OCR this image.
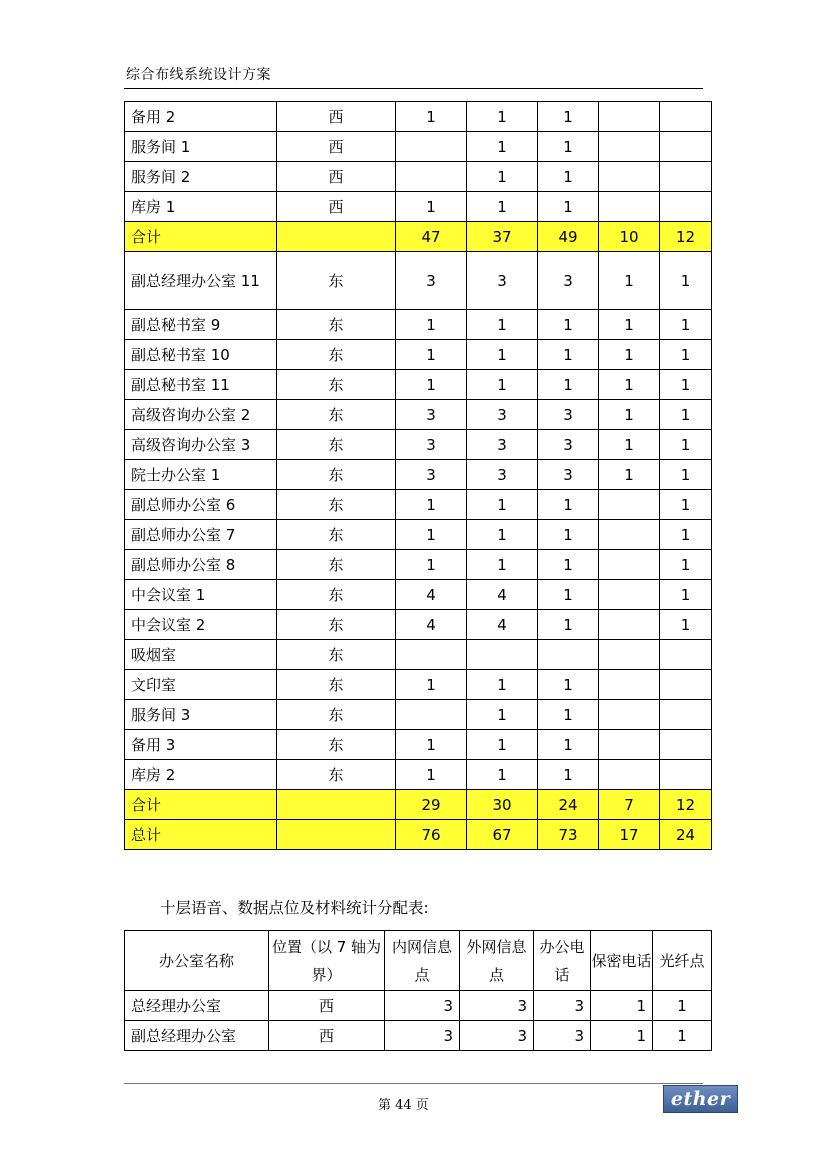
综合布线系统设计方案
备用 2	西	1	1	1		
服务间 1	西		1	1		
服务间 2	西		1	1		
库房 1	西	1	1	1		
合计		47	37	49	10	12
副总经理办公室 11	东	3	3	3	1	1
副总秘书室 9	东	1	1	1	1	1
副总秘书室 10	东	1	1	1	1	1
副总秘书室 11	东	1	1	1	1	1
高级咨询办公室 2	东	3	3	3	1	1
高级咨询办公室 3	东	3	3	3	1	1
院士办公室 1	东	3	3	3	1	1
副总师办公室 6	东	1	1	1		1
副总师办公室 7	东	1	1	1		1
副总师办公室 8	东	1	1	1		1
中会议室 1	东	4	4	1		1
中会议室 2	东	4	4	1		1
吸烟室	东					
文印室	东	1	1	1		
服务间 3	东		1	1		
备用 3	东	1	1	1		
库房 2	东	1	1	1		
合计		29	30	24	7	12
总计		76	67	73	17	24
十层语音、数据点位及材料统计分配表:
办公室名称	位置（以 7 轴为界）	内网信息点	外网信息点	办公电话	保密电话	光纤点
总经理办公室	西	3	3	3	1	1
副总经理办公室	西	3	3	3	1	1
第 44 页	ether
